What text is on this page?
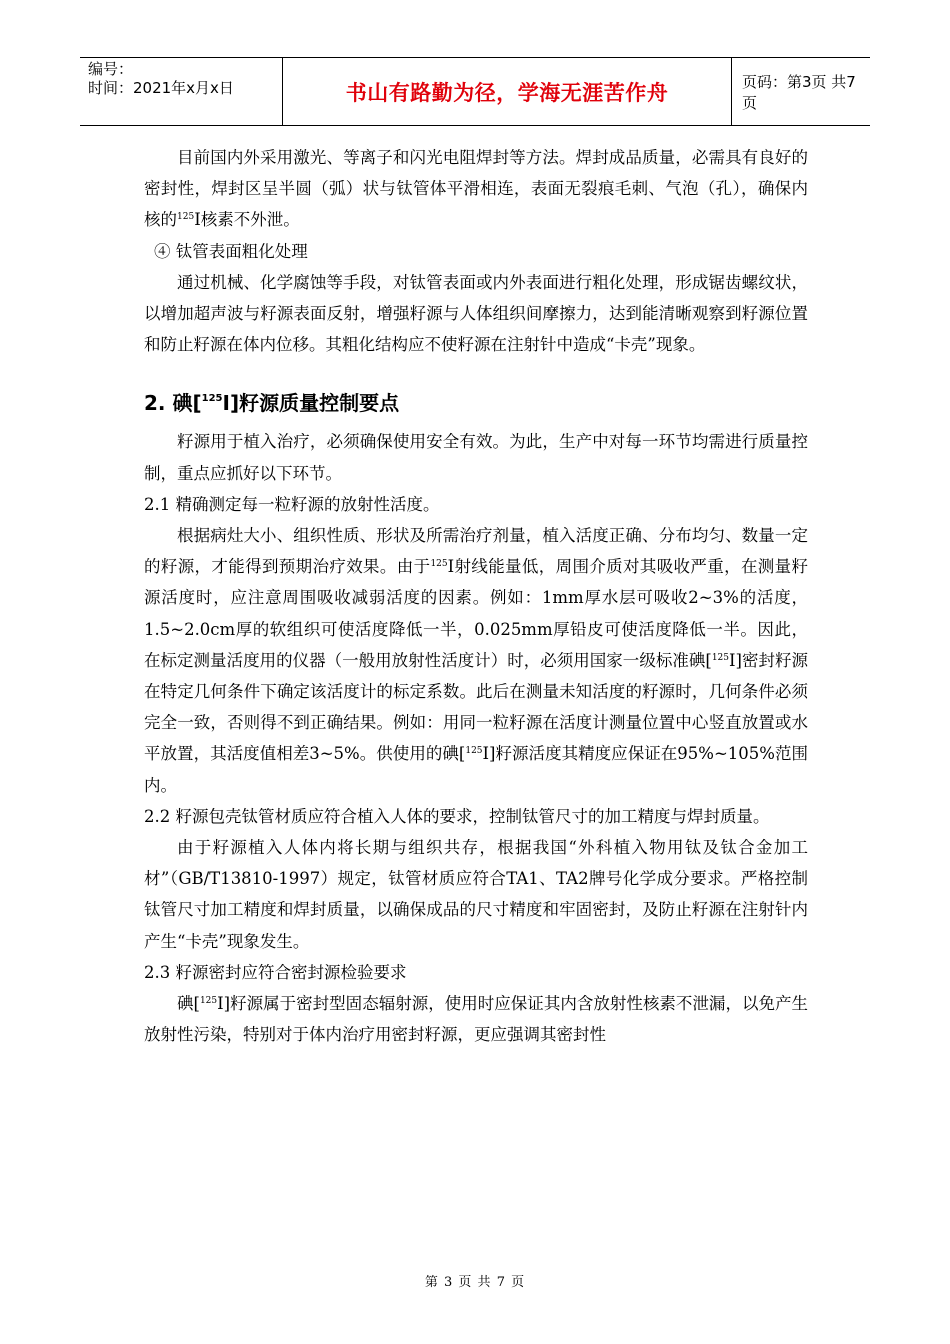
编号：
时间：2021年x月x日	书山有路勤为径，学海无涯苦作舟	页码：第3页 共7页

目前国内外采用激光、等离子和闪光电阻焊封等方法。焊封成品质量，必需具有良好的密封性，焊封区呈半圆（弧）状与钛管体平滑相连，表面无裂痕毛刺、气泡（孔），确保内核的$^{125}$I核素不外泄。

④ 钛管表面粗化处理

通过机械、化学腐蚀等手段，对钛管表面或内外表面进行粗化处理，形成锯齿螺纹状，以增加超声波与籽源表面反射，增强籽源与人体组织间摩擦力，达到能清晰观察到籽源位置和防止籽源在体内位移。其粗化结构应不使籽源在注射针中造成“卡壳”现象。

2. 碘[$^{125}$I]籽源质量控制要点

籽源用于植入治疗，必须确保使用安全有效。为此，生产中对每一环节均需进行质量控制，重点应抓好以下环节。

2.1 精确测定每一粒籽源的放射性活度。

根据病灶大小、组织性质、形状及所需治疗剂量，植入活度正确、分布均匀、数量一定的籽源，才能得到预期治疗效果。由于$^{125}$I射线能量低，周围介质对其吸收严重，在测量籽源活度时，应注意周围吸收减弱活度的因素。例如：1mm厚水层可吸收2~3%的活度，1.5~2.0cm厚的软组织可使活度降低一半，0.025mm厚铅皮可使活度降低一半。因此，在标定测量活度用的仪器（一般用放射性活度计）时，必须用国家一级标准碘[$^{125}$I]密封籽源在特定几何条件下确定该活度计的标定系数。此后在测量未知活度的籽源时，几何条件必须完全一致，否则得不到正确结果。例如：用同一粒籽源在活度计测量位置中心竖直放置或水平放置，其活度值相差3~5%。供使用的碘[$^{125}$I]籽源活度其精度应保证在95%~105%范围内。

2.2 籽源包壳钛管材质应符合植入人体的要求，控制钛管尺寸的加工精度与焊封质量。

由于籽源植入人体内将长期与组织共存，根据我国“外科植入物用钛及钛合金加工材”（GB/T13810-1997）规定，钛管材质应符合TA1、TA2牌号化学成分要求。严格控制钛管尺寸加工精度和焊封质量，以确保成品的尺寸精度和牢固密封，及防止籽源在注射针内产生“卡壳”现象发生。

2.3 籽源密封应符合密封源检验要求

碘[$^{125}$I]籽源属于密封型固态辐射源，使用时应保证其内含放射性核素不泄漏，以免产生放射性污染，特别对于体内治疗用密封籽源，更应强调其密封性

第 3 页 共 7 页
